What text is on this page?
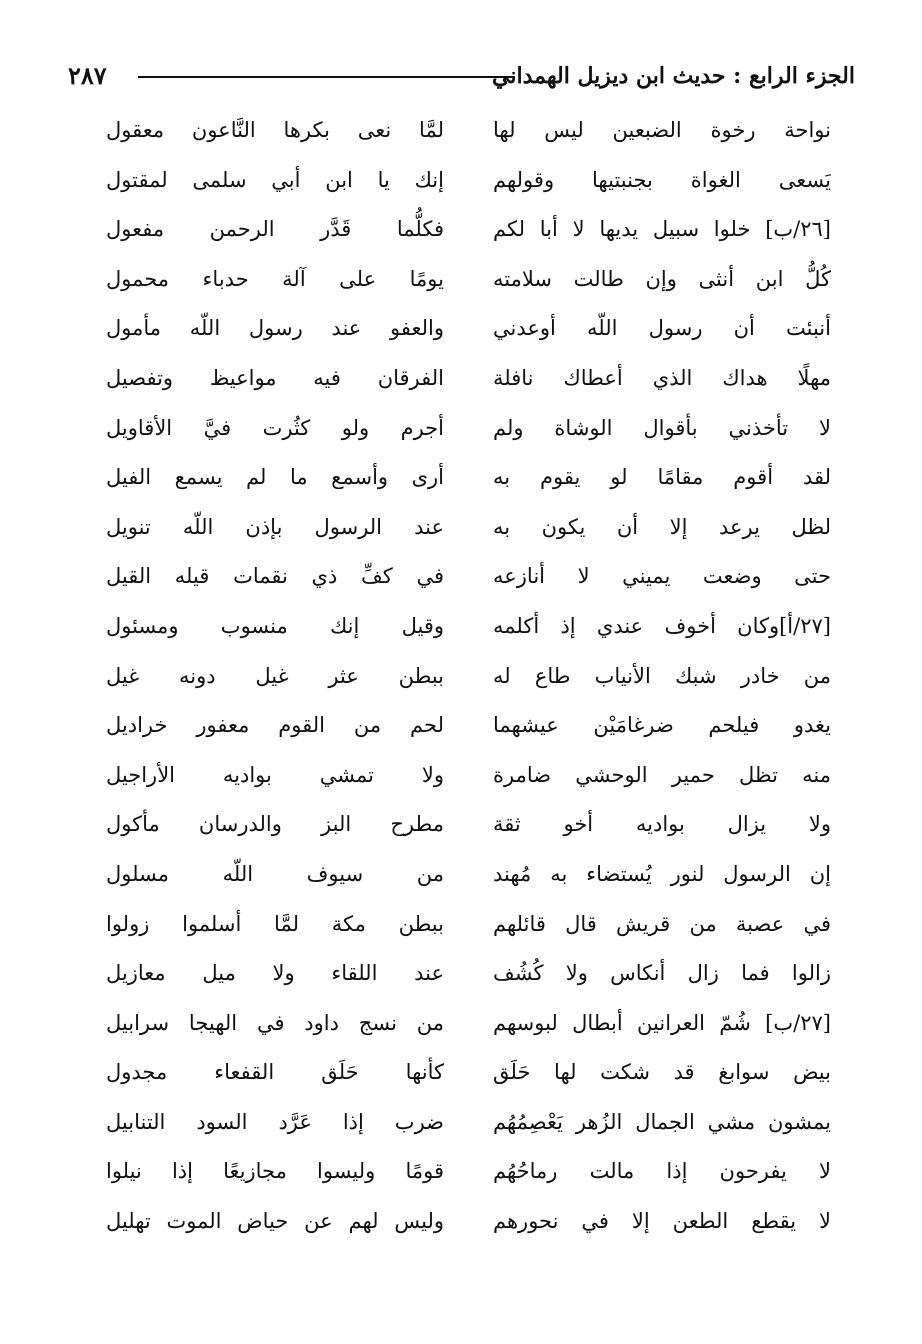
الجزء الرابع : حديث ابن ديزيل الهمداني
٢٨٧
نواحة رخوة الضبعين ليس لها
يَسعى الغواة بجنبتيها وقولهم
[٢٦/ب] خلوا سبيل يديها لا أبا لكم
كُلُّ ابن أنثى وإن طالت سلامته
أنبئت أن رسول اللّه أوعدني
مهلًا هداك الذي أعطاك نافلة
لا تأخذني بأقوال الوشاة ولم
لقد أقوم مقامًا لو يقوم به
لظل يرعد إلا أن يكون به
حتى وضعت يميني لا أنازعه
[٢٧/أ]وكان أخوف عندي إذ أكلمه
من خادر شبك الأنياب طاع له
يغدو فيلحم ضرغامَيْن عيشهما
منه تظل حمير الوحشي ضامرة
ولا يزال بواديه أخو ثقة
إن الرسول لنور يُستضاء به مُهند
في عصبة من قريش قال قائلهم
زالوا فما زال أنكاس ولا كُشُف
[٢٧/ب] شُمّ العرانين أبطال لبوسهم
بيض سوابغ قد شكت لها حَلَق
يمشون مشي الجمال الزُهر يَعْصِمُهُم
لا يفرحون إذا مالت رماحُهُم
لا يقطع الطعن إلا في نحورهم
لمَّا نعى بكرها النَّاعون معقول
إنك يا ابن أبي سلمى لمقتول
فكلُّما قَدَّر الرحمن مفعول
يومًا على آلة حدباء محمول
والعفو عند رسول اللّه مأمول
الفرقان فيه مواعيظ وتفصيل
أجرم ولو كثُرت فيَّ الأقاويل
أرى وأسمع ما لم يسمع الفيل
عند الرسول بإذن اللّه تنويل
في كفِّ ذي نقمات قيله القيل
وقيل إنك منسوب ومسئول
ببطن عثر غيل دونه غيل
لحم من القوم معفور خراديل
ولا تمشي بواديه الأراجيل
مطرح البز والدرسان مأكول
من سيوف اللّه مسلول
ببطن مكة لمَّا أسلموا زولوا
عند اللقاء ولا ميل معازيل
من نسج داود في الهيجا سرابيل
كأنها حَلَق القفعاء مجدول
ضرب إذا عَرَّد السود التنابيل
قومًا وليسوا مجازيعًا إذا نيلوا
وليس لهم عن حياض الموت تهليل
